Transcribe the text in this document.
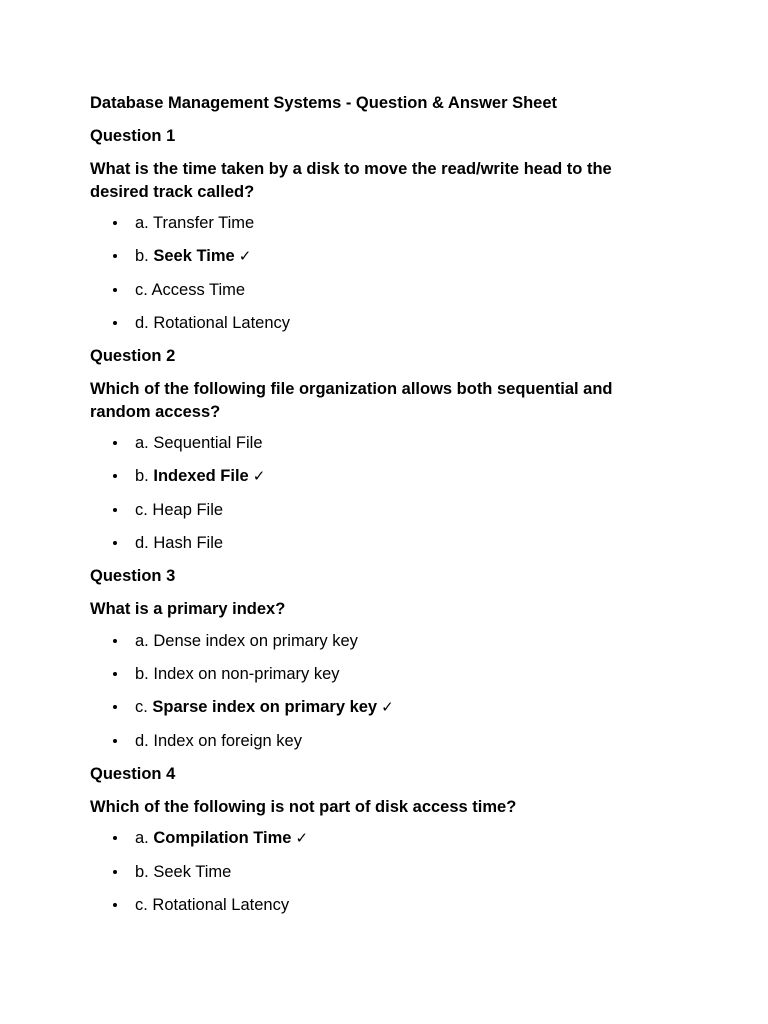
Database Management Systems - Question & Answer Sheet
Question 1
What is the time taken by a disk to move the read/write head to the desired track called?
a. Transfer Time
b. Seek Time ✓
c. Access Time
d. Rotational Latency
Question 2
Which of the following file organization allows both sequential and random access?
a. Sequential File
b. Indexed File ✓
c. Heap File
d. Hash File
Question 3
What is a primary index?
a. Dense index on primary key
b. Index on non-primary key
c. Sparse index on primary key ✓
d. Index on foreign key
Question 4
Which of the following is not part of disk access time?
a. Compilation Time ✓
b. Seek Time
c. Rotational Latency
